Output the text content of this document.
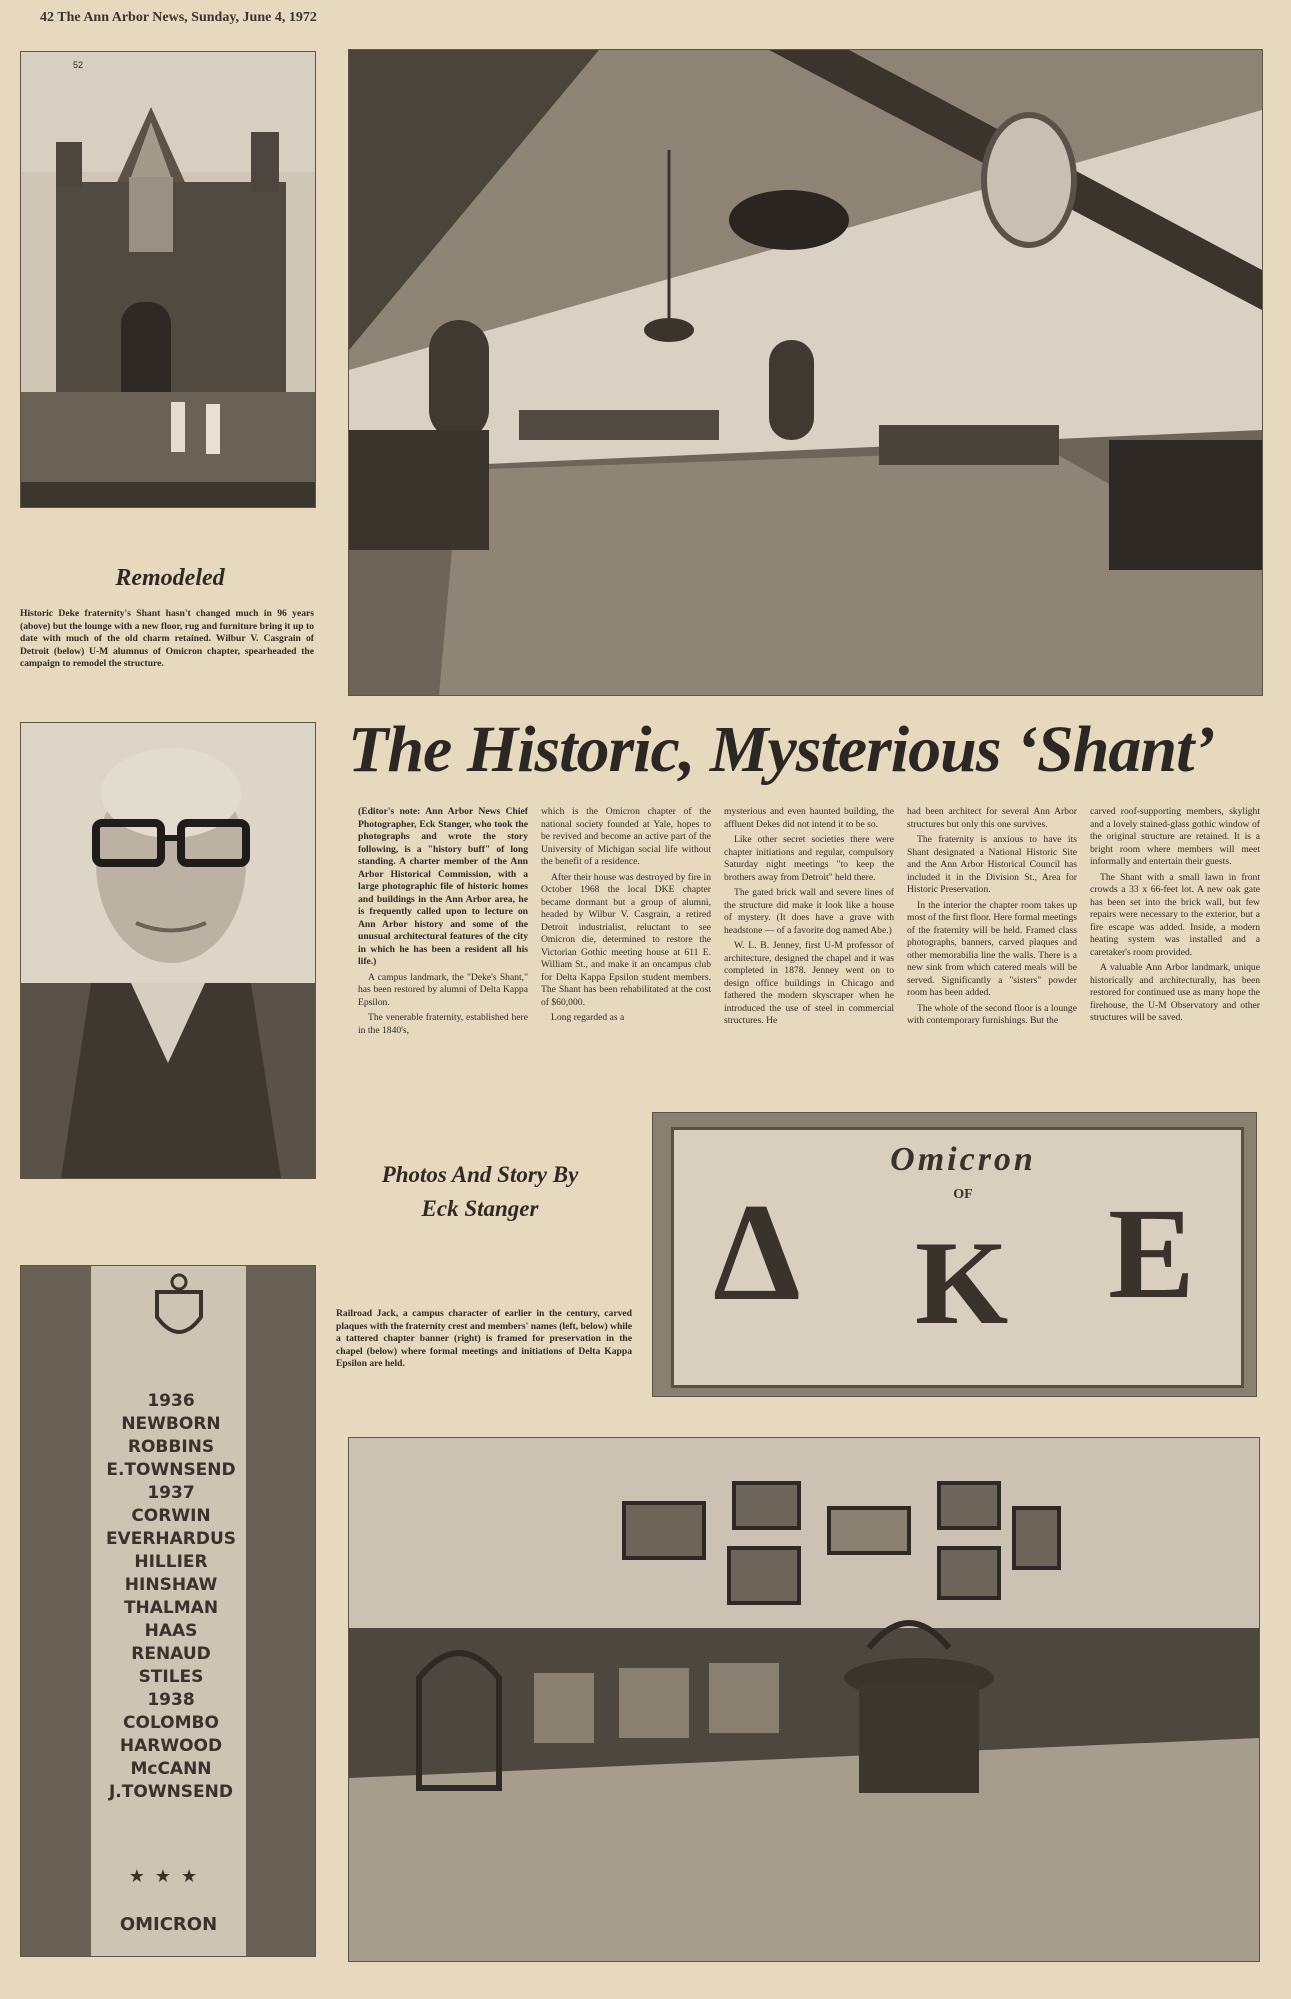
42 The Ann Arbor News, Sunday, June 4, 1972
52
Remodeled
Historic Deke fraternity's Shant hasn't changed much in 96 years (above) but the lounge with a new floor, rug and furniture bring it up to date with much of the old charm retained. Wilbur V. Casgrain of Detroit (below) U-M alumnus of Omicron chapter, spearheaded the campaign to remodel the structure.
The Historic, Mysterious ‘Shant’

(Editor's note: Ann Arbor News Chief Photographer, Eck Stanger, who took the photographs and wrote the story following, is a "history buff" of long standing. A charter member of the Ann Arbor Historical Commission, with a large photographic file of historic homes and buildings in the Ann Arbor area, he is frequently called upon to lecture on Ann Arbor history and some of the unusual architectural features of the city in which he has been a resident all his life.)

A campus landmark, the "Deke's Shant," has been restored by alumni of Delta Kappa Epsilon.

The venerable fraternity, established here in the 1840's,

which is the Omicron chapter of the national society founded at Yale, hopes to be revived and become an active part of the University of Michigan social life without the benefit of a residence.

After their house was destroyed by fire in October 1968 the local DKE chapter became dormant but a group of alumni, headed by Wilbur V. Casgrain, a retired Detroit industrialist, reluctant to see Omicron die, determined to restore the Victorian Gothic meeting house at 611 E. William St., and make it an oncampus club for Delta Kappa Epsilon student members. The Shant has been rehabilitated at the cost of $60,000.

Long regarded as a

mysterious and even haunted building, the affluent Dekes did not intend it to be so.

Like other secret societies there were chapter initiations and regular, compulsory Saturday night meetings "to keep the brothers away from Detroit" held there.

The gated brick wall and severe lines of the structure did make it look like a house of mystery. (It does have a grave with headstone — of a favorite dog named Abe.)

W. L. B. Jenney, first U-M professor of architecture, designed the chapel and it was completed in 1878. Jenney went on to design office buildings in Chicago and fathered the modern skyscraper when he introduced the use of steel in commercial structures. He

had been architect for several Ann Arbor structures but only this one survives.

The fraternity is anxious to have its Shant designated a National Historic Site and the Ann Arbor Historical Council has included it in the Division St., Area for Historic Preservation.

In the interior the chapter room takes up most of the first floor. Here formal meetings of the fraternity will be held. Framed class photographs, banners, carved plaques and other memorabilia line the walls. There is a new sink from which catered meals will be served. Significantly a "sisters" powder room has been added.

The whole of the second floor is a lounge with contemporary furnishings. But the

carved roof-supporting members, skylight and a lovely stained-glass gothic window of the original structure are retained. It is a bright room where members will meet informally and entertain their guests.

The Shant with a small lawn in front crowds a 33 x 66-feet lot. A new oak gate has been set into the brick wall, but few repairs were necessary to the exterior, but a fire escape was added. Inside, a modern heating system was installed and a caretaker's room provided.

A valuable Ann Arbor landmark, unique historically and architecturally, has been restored for continued use as many hope the firehouse, the U-M Observatory and other structures will be saved.

Photos And Story By
Eck Stanger
Railroad Jack, a campus character of earlier in the century, carved plaques with the fraternity crest and members' names (left, below) while a tattered chapter banner (right) is framed for preservation in the chapel (below) where formal meetings and initiations of Delta Kappa Epsilon are held.
Omicron
OF
Δ K E
1936
NEWBORN
ROBBINS
E.TOWNSEND
1937
CORWIN
EVERHARDUS
HILLIER
HINSHAW
THALMAN
HAAS
RENAUD
STILES
1938
COLOMBO
HARWOOD
McCANN
J.TOWNSEND
★★★
OMICRON
